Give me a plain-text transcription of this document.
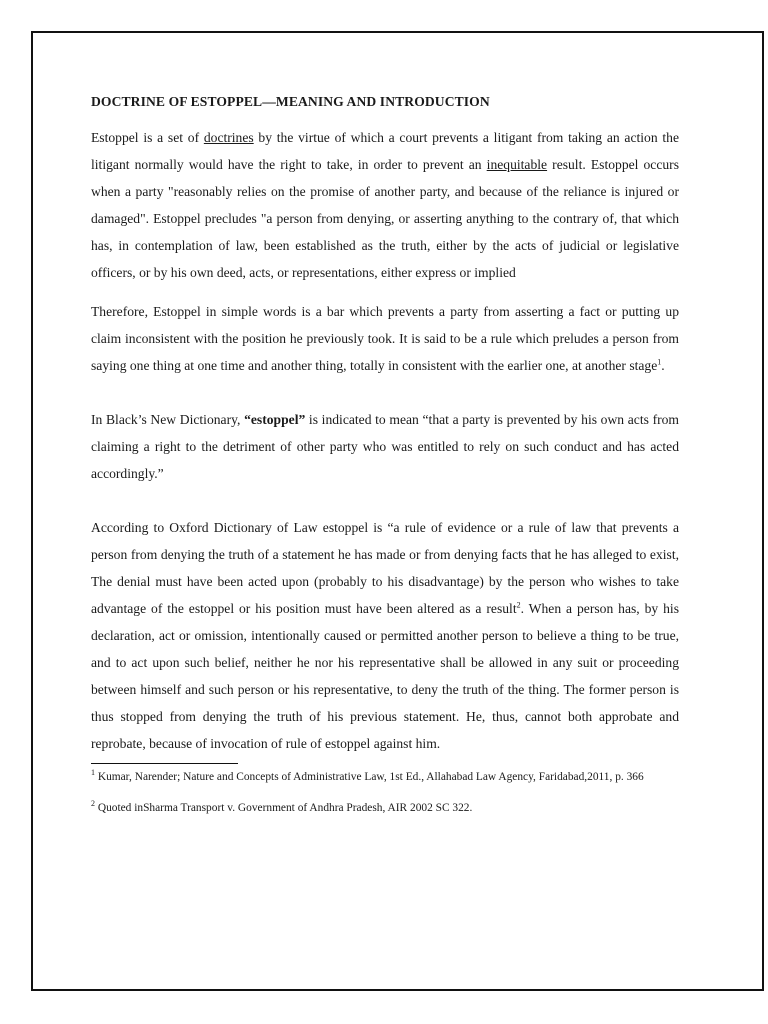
DOCTRINE OF ESTOPPEL—MEANING AND INTRODUCTION

Estoppel is a set of doctrines by the virtue of which a court prevents a litigant from taking an action the litigant normally would have the right to take, in order to prevent an inequitable result. Estoppel occurs when a party "reasonably relies on the promise of another party, and because of the reliance is injured or damaged". Estoppel precludes "a person from denying, or asserting anything to the contrary of, that which has, in contemplation of law, been established as the truth, either by the acts of judicial or legislative officers, or by his own deed, acts, or representations, either express or implied

Therefore, Estoppel in simple words is a bar which prevents a party from asserting a fact or putting up claim inconsistent with the position he previously took. It is said to be a rule which preludes a person from saying one thing at one time and another thing, totally in consistent with the earlier one, at another stage$^1$.

In Black’s New Dictionary, “estoppel” is indicated to mean “that a party is prevented by his own acts from claiming a right to the detriment of other party who was entitled to rely on such conduct and has acted accordingly.”

According to Oxford Dictionary of Law estoppel is “a rule of evidence or a rule of law that prevents a person from denying the truth of a statement he has made or from denying facts that he has alleged to exist, The denial must have been acted upon (probably to his disadvantage) by the person who wishes to take advantage of the estoppel or his position must have been altered as a result$^2$. When a person has, by his declaration, act or omission, intentionally caused or permitted another person to believe a thing to be true, and to act upon such belief, neither he nor his representative shall be allowed in any suit or proceeding between himself and such person or his representative, to deny the truth of the thing. The former person is thus stopped from denying the truth of his previous statement. He, thus, cannot both approbate and reprobate, because of invocation of rule of estoppel against him.

$^1$ Kumar, Narender; Nature and Concepts of Administrative Law, 1st Ed., Allahabad Law Agency, Faridabad,2011, p. 366

$^2$ Quoted inSharma Transport v. Government of Andhra Pradesh, AIR 2002 SC 322.
